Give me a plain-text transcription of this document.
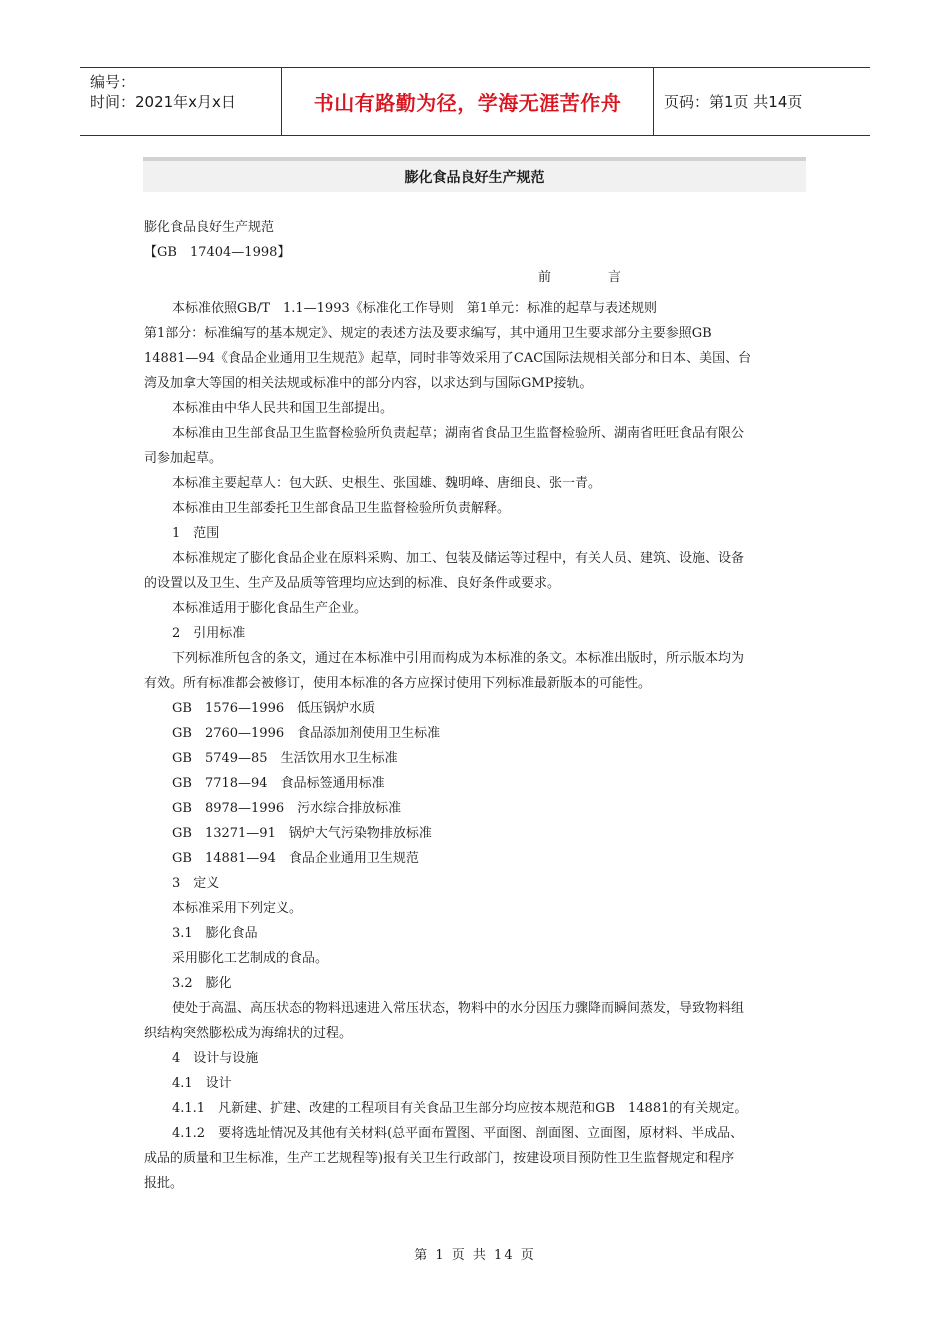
编号：
时间：2021年x月x日	书山有路勤为径，学海无涯苦作舟	页码：第1页 共14页
膨化食品良好生产规范

膨化食品良好生产规范

【GB　17404—1998】

前　言

本标准依照GB/T　1.1—1993《标准化工作导则　第1单元：标准的起草与表述规则

第1部分：标准编写的基本规定》、规定的表述方法及要求编写，其中通用卫生要求部分主要参照GB

14881—94《食品企业通用卫生规范》起草，同时非等效采用了CAC国际法规相关部分和日本、美国、台

湾及加拿大等国的相关法规或标准中的部分内容，以求达到与国际GMP接轨。

本标准由中华人民共和国卫生部提出。

本标准由卫生部食品卫生监督检验所负责起草；湖南省食品卫生监督检验所、湖南省旺旺食品有限公

司参加起草。

本标准主要起草人：包大跃、史根生、张国雄、魏明峰、唐细良、张一青。

本标准由卫生部委托卫生部食品卫生监督检验所负责解释。

1　范围

本标准规定了膨化食品企业在原料采购、加工、包装及储运等过程中，有关人员、建筑、设施、设备

的设置以及卫生、生产及品质等管理均应达到的标准、良好条件或要求。

本标准适用于膨化食品生产企业。

2　引用标准

下列标准所包含的条文，通过在本标准中引用而构成为本标准的条文。本标准出版时，所示版本均为

有效。所有标准都会被修订，使用本标准的各方应探讨使用下列标准最新版本的可能性。

GB　1576—1996　低压锅炉水质

GB　2760—1996　食品添加剂使用卫生标准

GB　5749—85　生活饮用水卫生标准

GB　7718—94　食品标签通用标准

GB　8978—1996　污水综合排放标准

GB　13271—91　锅炉大气污染物排放标准

GB　14881—94　食品企业通用卫生规范

3　定义

本标准采用下列定义。

3.1　膨化食品

采用膨化工艺制成的食品。

3.2　膨化

使处于高温、高压状态的物料迅速进入常压状态，物料中的水分因压力骤降而瞬间蒸发，导致物料组

织结构突然膨松成为海绵状的过程。

4　设计与设施

4.1　设计

4.1.1　凡新建、扩建、改建的工程项目有关食品卫生部分均应按本规范和GB　14881的有关规定。

4.1.2　要将选址情况及其他有关材料(总平面布置图、平面图、剖面图、立面图，原材料、半成品、

成品的质量和卫生标准，生产工艺规程等)报有关卫生行政部门，按建设项目预防性卫生监督规定和程序

报批。

第 1 页 共 14 页
